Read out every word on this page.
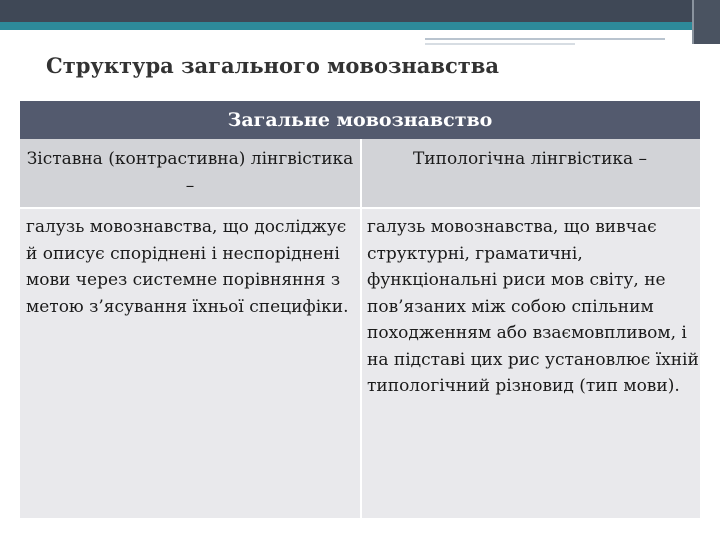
Структура загального мовознавства
Загальне мовознавство
Зіставна (контрастивна) лінгвістика –
Типологічна лінгвістика –
галузь мовознавства, що досліджує й описує споріднені і неспоріднені мови через системне порівняння з метою з’ясування їхньої специфіки.
галузь мовознавства, що вивчає структурні, граматичні, функціональні риси мов світу, не пов’язаних між собою спільним походженням або взаємовпливом, і на підставі цих рис установлює їхній типологічний різновид (тип мови).
